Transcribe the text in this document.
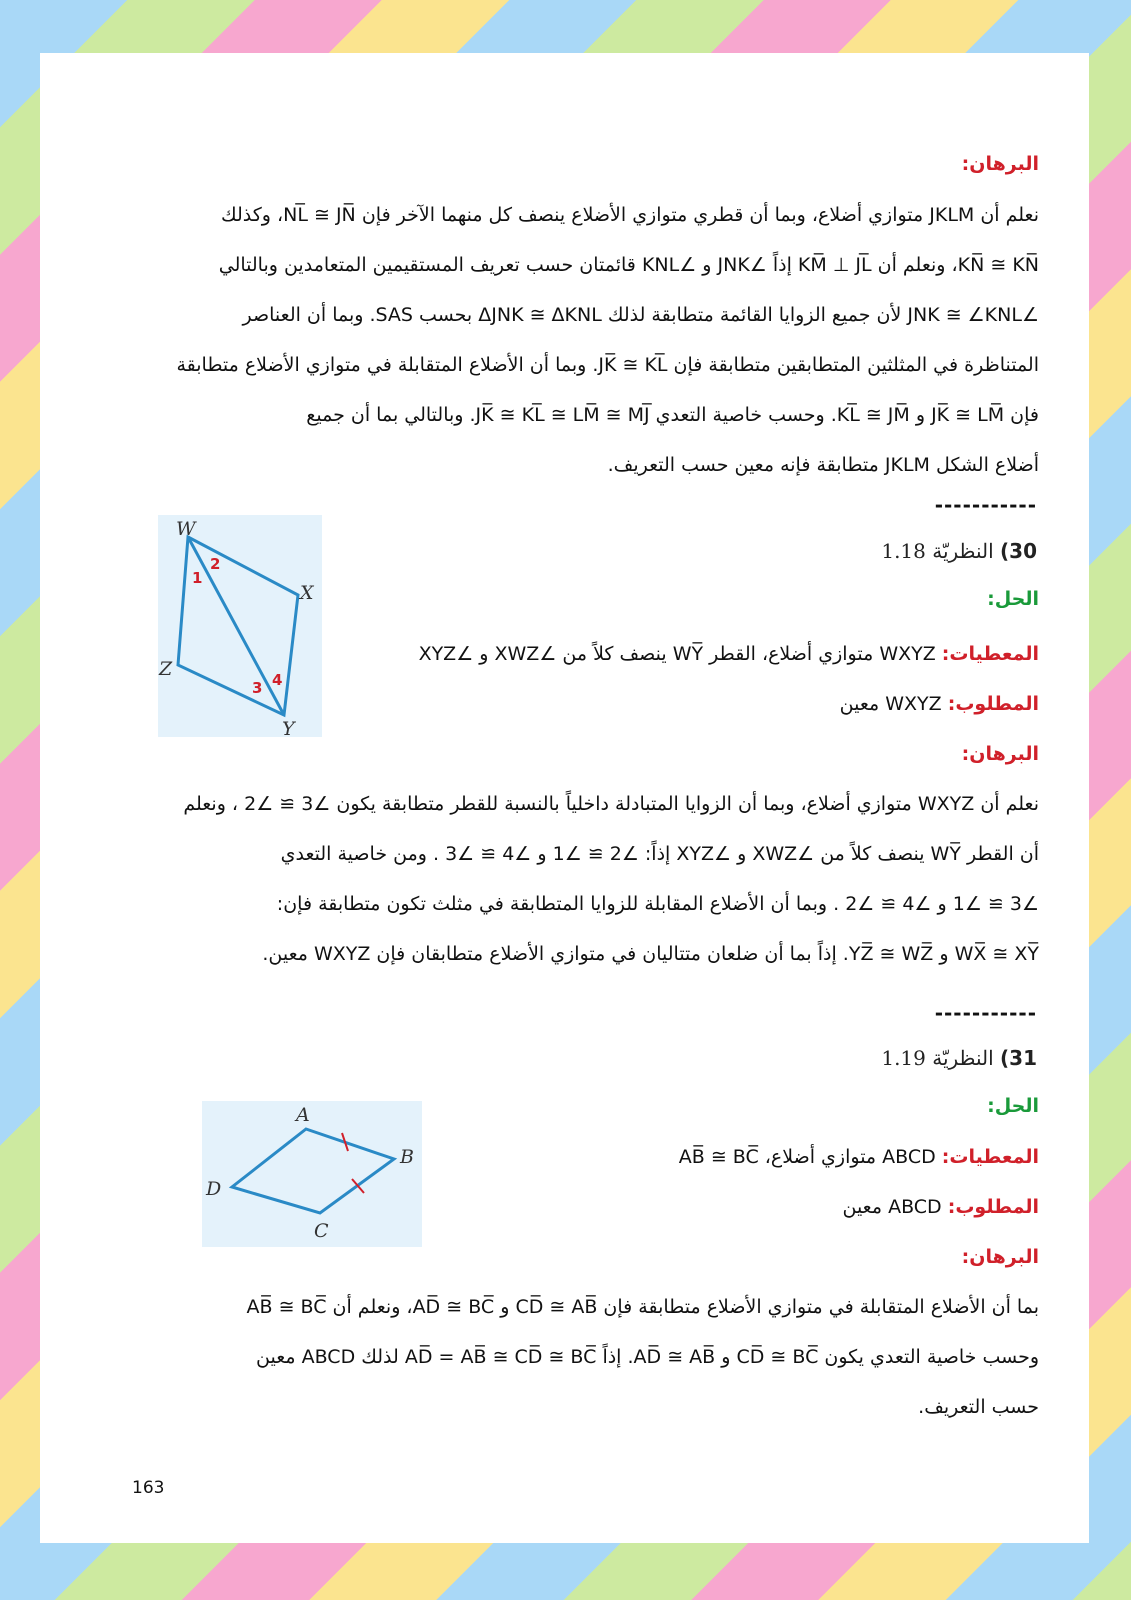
البرهان:
نعلم أن JKLM متوازي أضلاع، وبما أن قطري متوازي الأضلاع ينصف كل منهما الآخر فإن NL̅ ≅ JN̅، وكذلك
KN̅ ≅ KN̅، ونعلم أن KM̅ ⊥ JL̅ إذاً ∠JNK و ∠KNL قائمتان حسب تعريف المستقيمين المتعامدين وبالتالي
∠JNK ≅ ∠KNL لأن جميع الزوايا القائمة متطابقة لذلك ΔJNK ≅ ΔKNL بحسب SAS. وبما أن العناصر
المتناظرة في المثلثين المتطابقين متطابقة فإن JK̅ ≅ KL̅. وبما أن الأضلاع المتقابلة في متوازي الأضلاع متطابقة
فإن JK̅ ≅ LM̅ و KL̅ ≅ JM̅. وحسب خاصية التعدي JK̅ ≅ KL̅ ≅ LM̅ ≅ MJ̅. وبالتالي بما أن جميع
أضلاع الشكل JKLM متطابقة فإنه معين حسب التعريف.
-----------
30) النظريّة 1.18
الحل:
المعطيات: WXYZ متوازي أضلاع، القطر WY̅ ينصف كلاً من ∠XWZ و ∠XYZ
المطلوب: WXYZ معين
W
X
Y
Z
1
2
3 4
البرهان:
نعلم أن WXYZ متوازي أضلاع، وبما أن الزوايا المتبادلة داخلياً بالنسبة للقطر متطابقة يكون ∠3 ≅ ∠2 ، ونعلم
أن القطر WY̅ ينصف كلاً من ∠XWZ و ∠XYZ إذاً: ∠2 ≅ ∠1 و ∠4 ≅ ∠3 . ومن خاصية التعدي
∠3 ≅ ∠1 و ∠4 ≅ ∠2 . وبما أن الأضلاع المقابلة للزوايا المتطابقة في مثلث تكون متطابقة فإن:
WX̅ ≅ XY̅ و YZ̅ ≅ WZ̅. إذاً بما أن ضلعان متتاليان في متوازي الأضلاع متطابقان فإن WXYZ معين.
-----------
31) النظريّة 1.19
الحل:
المعطيات: ABCD متوازي أضلاع، AB̅ ≅ BC̅
المطلوب: ABCD معين
A
B
C
D
البرهان:
بما أن الأضلاع المتقابلة في متوازي الأضلاع متطابقة فإن CD̅ ≅ AB̅ و AD̅ ≅ BC̅، ونعلم أن AB̅ ≅ BC̅
وحسب خاصية التعدي يكون CD̅ ≅ BC̅ و AD̅ ≅ AB̅. إذاً AD̅ = AB̅ ≅ CD̅ ≅ BC̅ لذلك ABCD معين
حسب التعريف.
163
